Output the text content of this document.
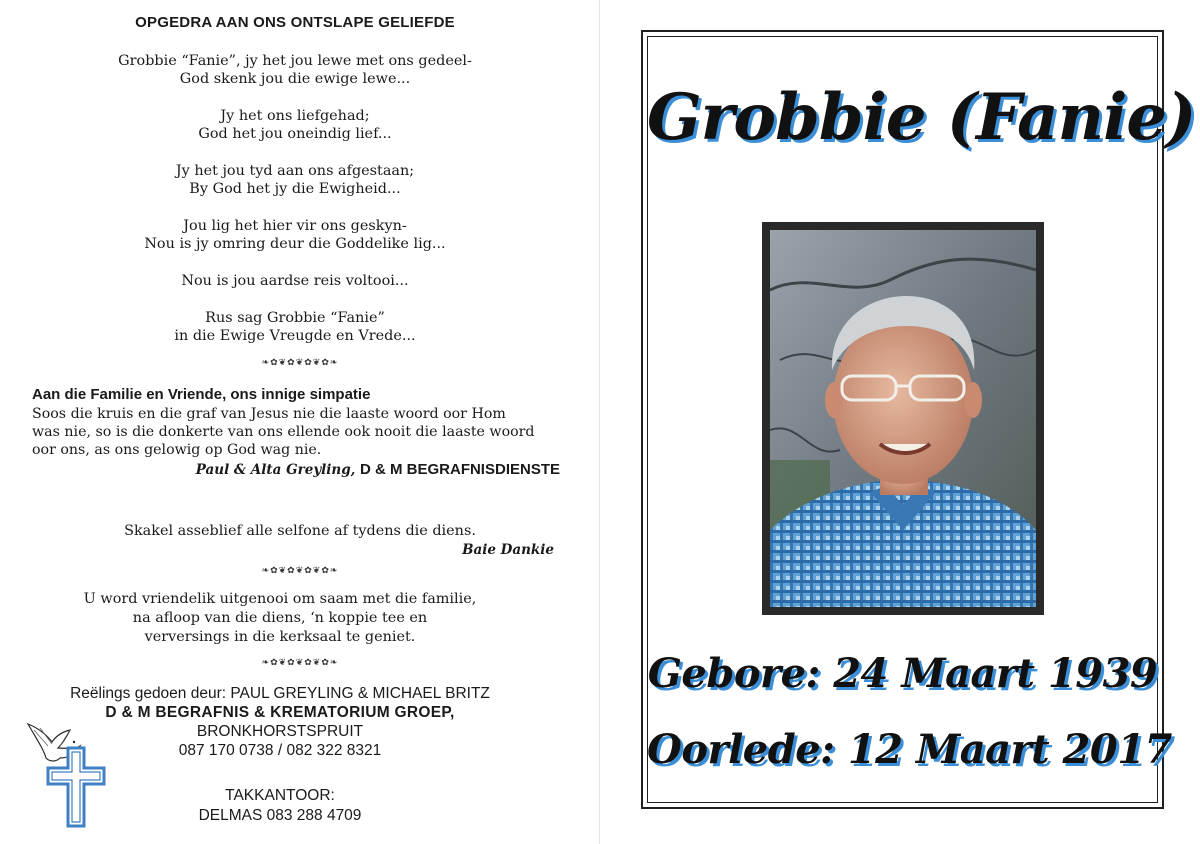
OPGEDRA AAN ONS ONTSLAPE GELIEFDE
Grobbie “Fanie”, jy het jou lewe met ons gedeel-
God skenk jou die ewige lewe...
Jy het ons liefgehad;
God het jou oneindig lief...
Jy het jou tyd aan ons afgestaan;
By God het jy die Ewigheid...
Jou lig het hier vir ons geskyn-
Nou is jy omring deur die Goddelike lig...
Nou is jou aardse reis voltooi...
Rus sag Grobbie “Fanie”
in die Ewige Vreugde en Vrede...
❧✿❦✿❦✿❦✿❧
Aan die Familie en Vriende, ons innige simpatie
Soos die kruis en die graf van Jesus nie die laaste woord oor Hom
was nie, so is die donkerte van ons ellende ook nooit die laaste woord
oor ons, as ons gelowig op God wag nie.
Paul & Alta Greyling, D & M BEGRAFNISDIENSTE
Skakel asseblief alle selfone af tydens die diens.
Baie Dankie
❧✿❦✿❦✿❦✿❧
U word vriendelik uitgenooi om saam met die familie,
na afloop van die diens, ‘n koppie tee en
verversings in die kerksaal te geniet.
❧✿❦✿❦✿❦✿❧
Reëlings gedoen deur: PAUL GREYLING & MICHAEL BRITZ
D & M BEGRAFNIS & KREMATORIUM GROEP,
BRONKHORSTSPRUIT
087 170 0738 / 082 322 8321
TAKKANTOOR:
DELMAS 083 288 4709
Grobbie (Fanie)
Gebore: 24 Maart 1939
Oorlede: 12 Maart 2017
